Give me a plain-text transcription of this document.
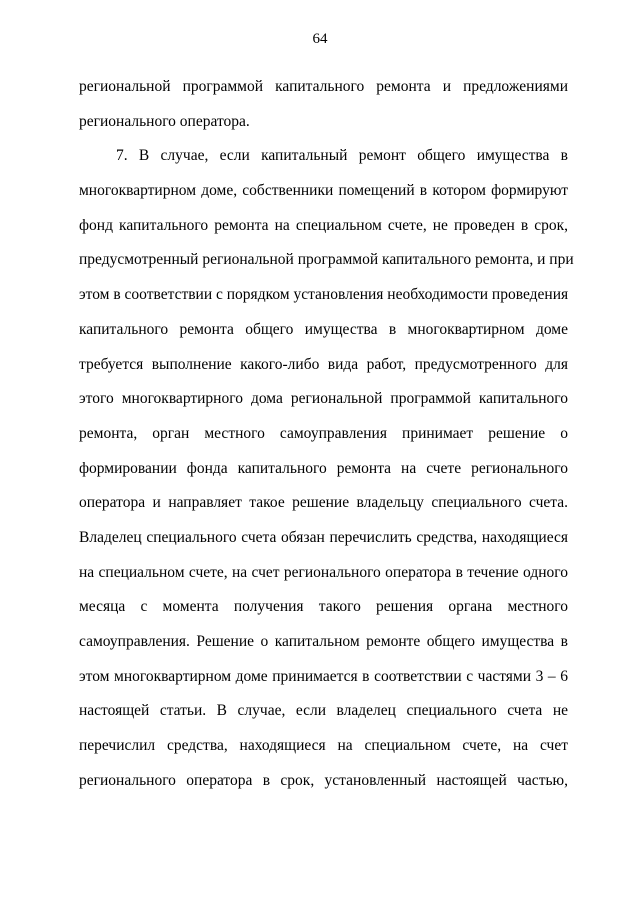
64
региональной программой капитального ремонта и предложениями
регионального оператора.
7. В случае, если капитальный ремонт общего имущества в
многоквартирном доме, собственники помещений в котором формируют
фонд капитального ремонта на специальном счете, не проведен в срок,
предусмотренный региональной программой капитального ремонта, и при
этом в соответствии с порядком установления необходимости проведения
капитального ремонта общего имущества в многоквартирном доме
требуется выполнение какого-либо вида работ, предусмотренного для
этого многоквартирного дома региональной программой капитального
ремонта, орган местного самоуправления принимает решение о
формировании фонда капитального ремонта на счете регионального
оператора и направляет такое решение владельцу специального счета.
Владелец специального счета обязан перечислить средства, находящиеся
на специальном счете, на счет регионального оператора в течение одного
месяца с момента получения такого решения органа местного
самоуправления. Решение о капитальном ремонте общего имущества в
этом многоквартирном доме принимается в соответствии с частями 3 – 6
настоящей статьи. В случае, если владелец специального счета не
перечислил средства, находящиеся на специальном счете, на счет
регионального оператора в срок, установленный настоящей частью,
